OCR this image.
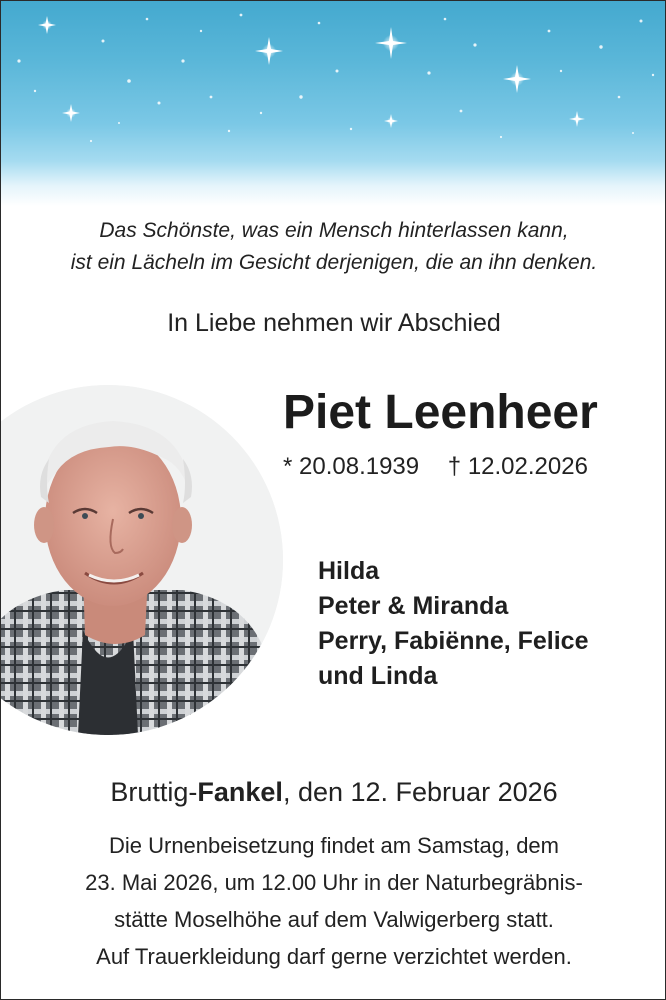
Das Schönste, was ein Mensch hinterlassen kann,
ist ein Lächeln im Gesicht derjenigen, die an ihn denken.
In Liebe nehmen wir Abschied
Piet Leenheer
* 20.08.1939 † 12.02.2026
Hilda
Peter & Miranda
Perry, Fabiënne, Felice
und Linda
Bruttig-Fankel, den 12. Februar 2026
Die Urnenbeisetzung findet am Samstag, dem
23. Mai 2026, um 12.00 Uhr in der Naturbegräbnis-
stätte Moselhöhe auf dem Valwigerberg statt.
Auf Trauerkleidung darf gerne verzichtet werden.
